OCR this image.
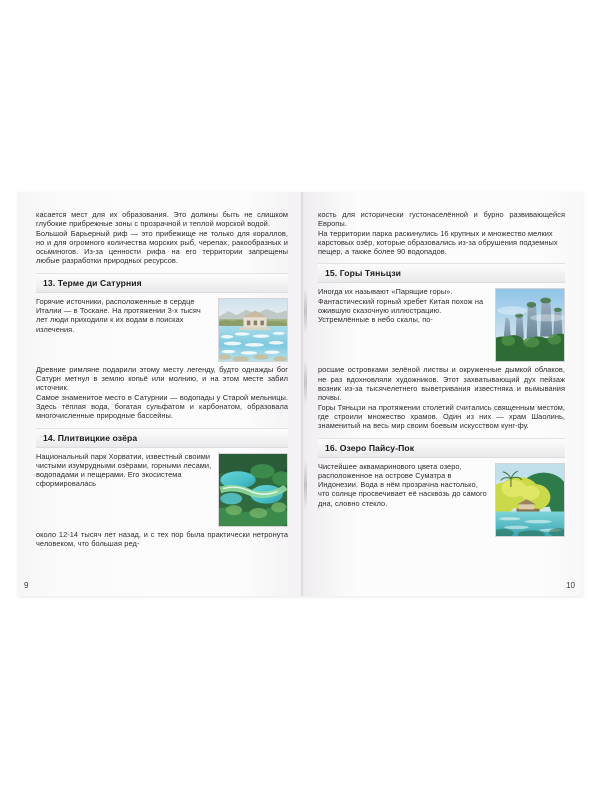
касается мест для их образования. Это должны быть не слишком глубокие прибрежные зоны с прозрачной и теплой морской водой.

Большой Барьерный риф — это прибежище не только для кораллов, но и для огромного количества морских рыб, черепах, ракообразных и осьминогов. Из-за ценности рифа на его территории запрещены любые разработки природных ресурсов.

13. Терме ди Сатурния

Горячие источники, расположенные в сердце Италии — в Тоскане. На протяжении 3-х тысяч лет люди приходили к их водам в поисках излечения.

Древние римляне подарили этому месту легенду, будто однажды бог Сатурн метнул в землю копьё или молнию, и на этом месте забил источник.

Самое знаменитое место в Сатурнии — водопады у Старой мельницы. Здесь тёплая вода, богатая сульфатом и карбонатом, образовала многочисленные природные бассейны.

14. Плитвицкие озёра

Национальный парк Хорватии, известный своими чистыми изумрудными озёрами, горными лесами, водопадами и пещерами. Его экосистема сформировалась

около 12-14 тысяч лет назад, и с тех пор была практически нетронута человеком, что большая ред-

9

кость для исторически густонаселённой и бурно развивающейся Европы.

На территории парка раскинулись 16 крупных и множество мелких карстовых озёр, которые образовались из-за обрушения подземных пещер, а также более 90 водопадов.

15. Горы Тяньцзи

Иногда их называют «Парящие горы». Фантастический горный хребет Китая похож на ожившую сказочную иллюстрацию. Устремлённые в небо скалы, по-

росшие островками зелёной листвы и окруженные дымкой облаков, не раз вдохновляли художников. Этот захватывающий дух пейзаж возник из-за тысячелетнего выветривания известняка и вымывания почвы.

Горы Тяньцзи на протяжении столетий считались священным местом, где строили множество храмов. Один из них — храм Шаолинь, знаменитый на весь мир своим боевым искусством кунг-фу.

16. Озеро Пайсу-Пок

Чистейшее аквамаринового цвета озеро, расположенное на острове Суматра в Индонезии. Вода в нём прозрачна настолько, что солнце просвечивает её насквозь до самого дна, словно стекло.

10
